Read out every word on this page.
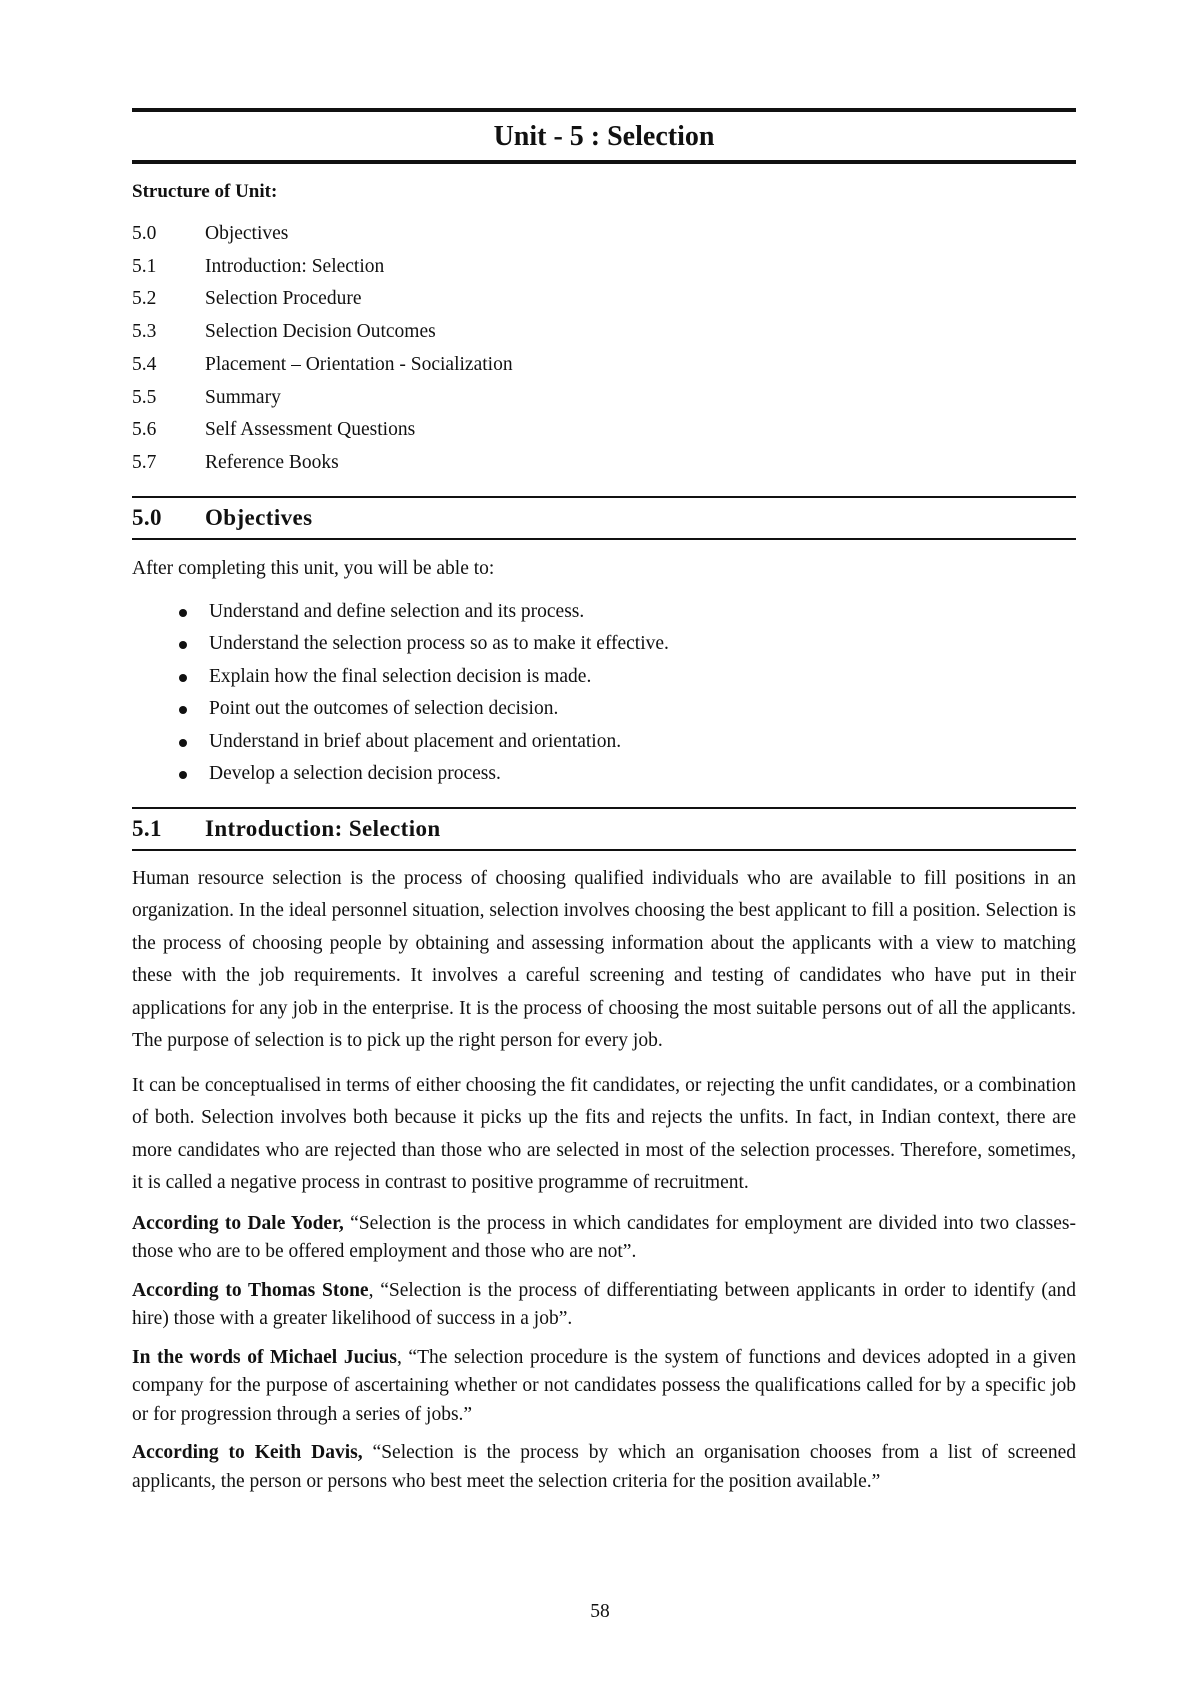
Unit - 5 : Selection
Structure of Unit:
5.0	Objectives
5.1	Introduction: Selection
5.2	Selection Procedure
5.3	Selection Decision Outcomes
5.4	Placement – Orientation - Socialization
5.5	Summary
5.6	Self Assessment Questions
5.7	Reference Books
5.0	Objectives
After completing this unit, you will be able to:
Understand and define selection and its process.
Understand the selection process so as to make it effective.
Explain how the final selection decision is made.
Point out the outcomes of selection decision.
Understand in brief about placement and orientation.
Develop a selection decision process.
5.1	Introduction: Selection

Human resource selection is the process of choosing qualified individuals who are available to fill positions in an organization. In the ideal personnel situation, selection involves choosing the best applicant to fill a position. Selection is the process of choosing people by obtaining and assessing information about the applicants with a view to matching these with the job requirements. It involves a careful screening and testing of candidates who have put in their applications for any job in the enterprise. It is the process of choosing the most suitable persons out of all the applicants. The purpose of selection is to pick up the right person for every job.

It can be conceptualised in terms of either choosing the fit candidates, or rejecting the unfit candidates, or a combination of both. Selection involves both because it picks up the fits and rejects the unfits. In fact, in Indian context, there are more candidates who are rejected than those who are selected in most of the selection processes. Therefore, sometimes, it is called a negative process in contrast to positive programme of recruitment.

According to Dale Yoder, “Selection is the process in which candidates for employment are divided into two classes-those who are to be offered employment and those who are not”.

According to Thomas Stone, “Selection is the process of differentiating between applicants in order to identify (and hire) those with a greater likelihood of success in a job”.

In the words of Michael Jucius, “The selection procedure is the system of functions and devices adopted in a given company for the purpose of ascertaining whether or not candidates possess the qualifications called for by a specific job or for progression through a series of jobs.”

According to Keith Davis, “Selection is the process by which an organisation chooses from a list of screened applicants, the person or persons who best meet the selection criteria for the position available.”

58
